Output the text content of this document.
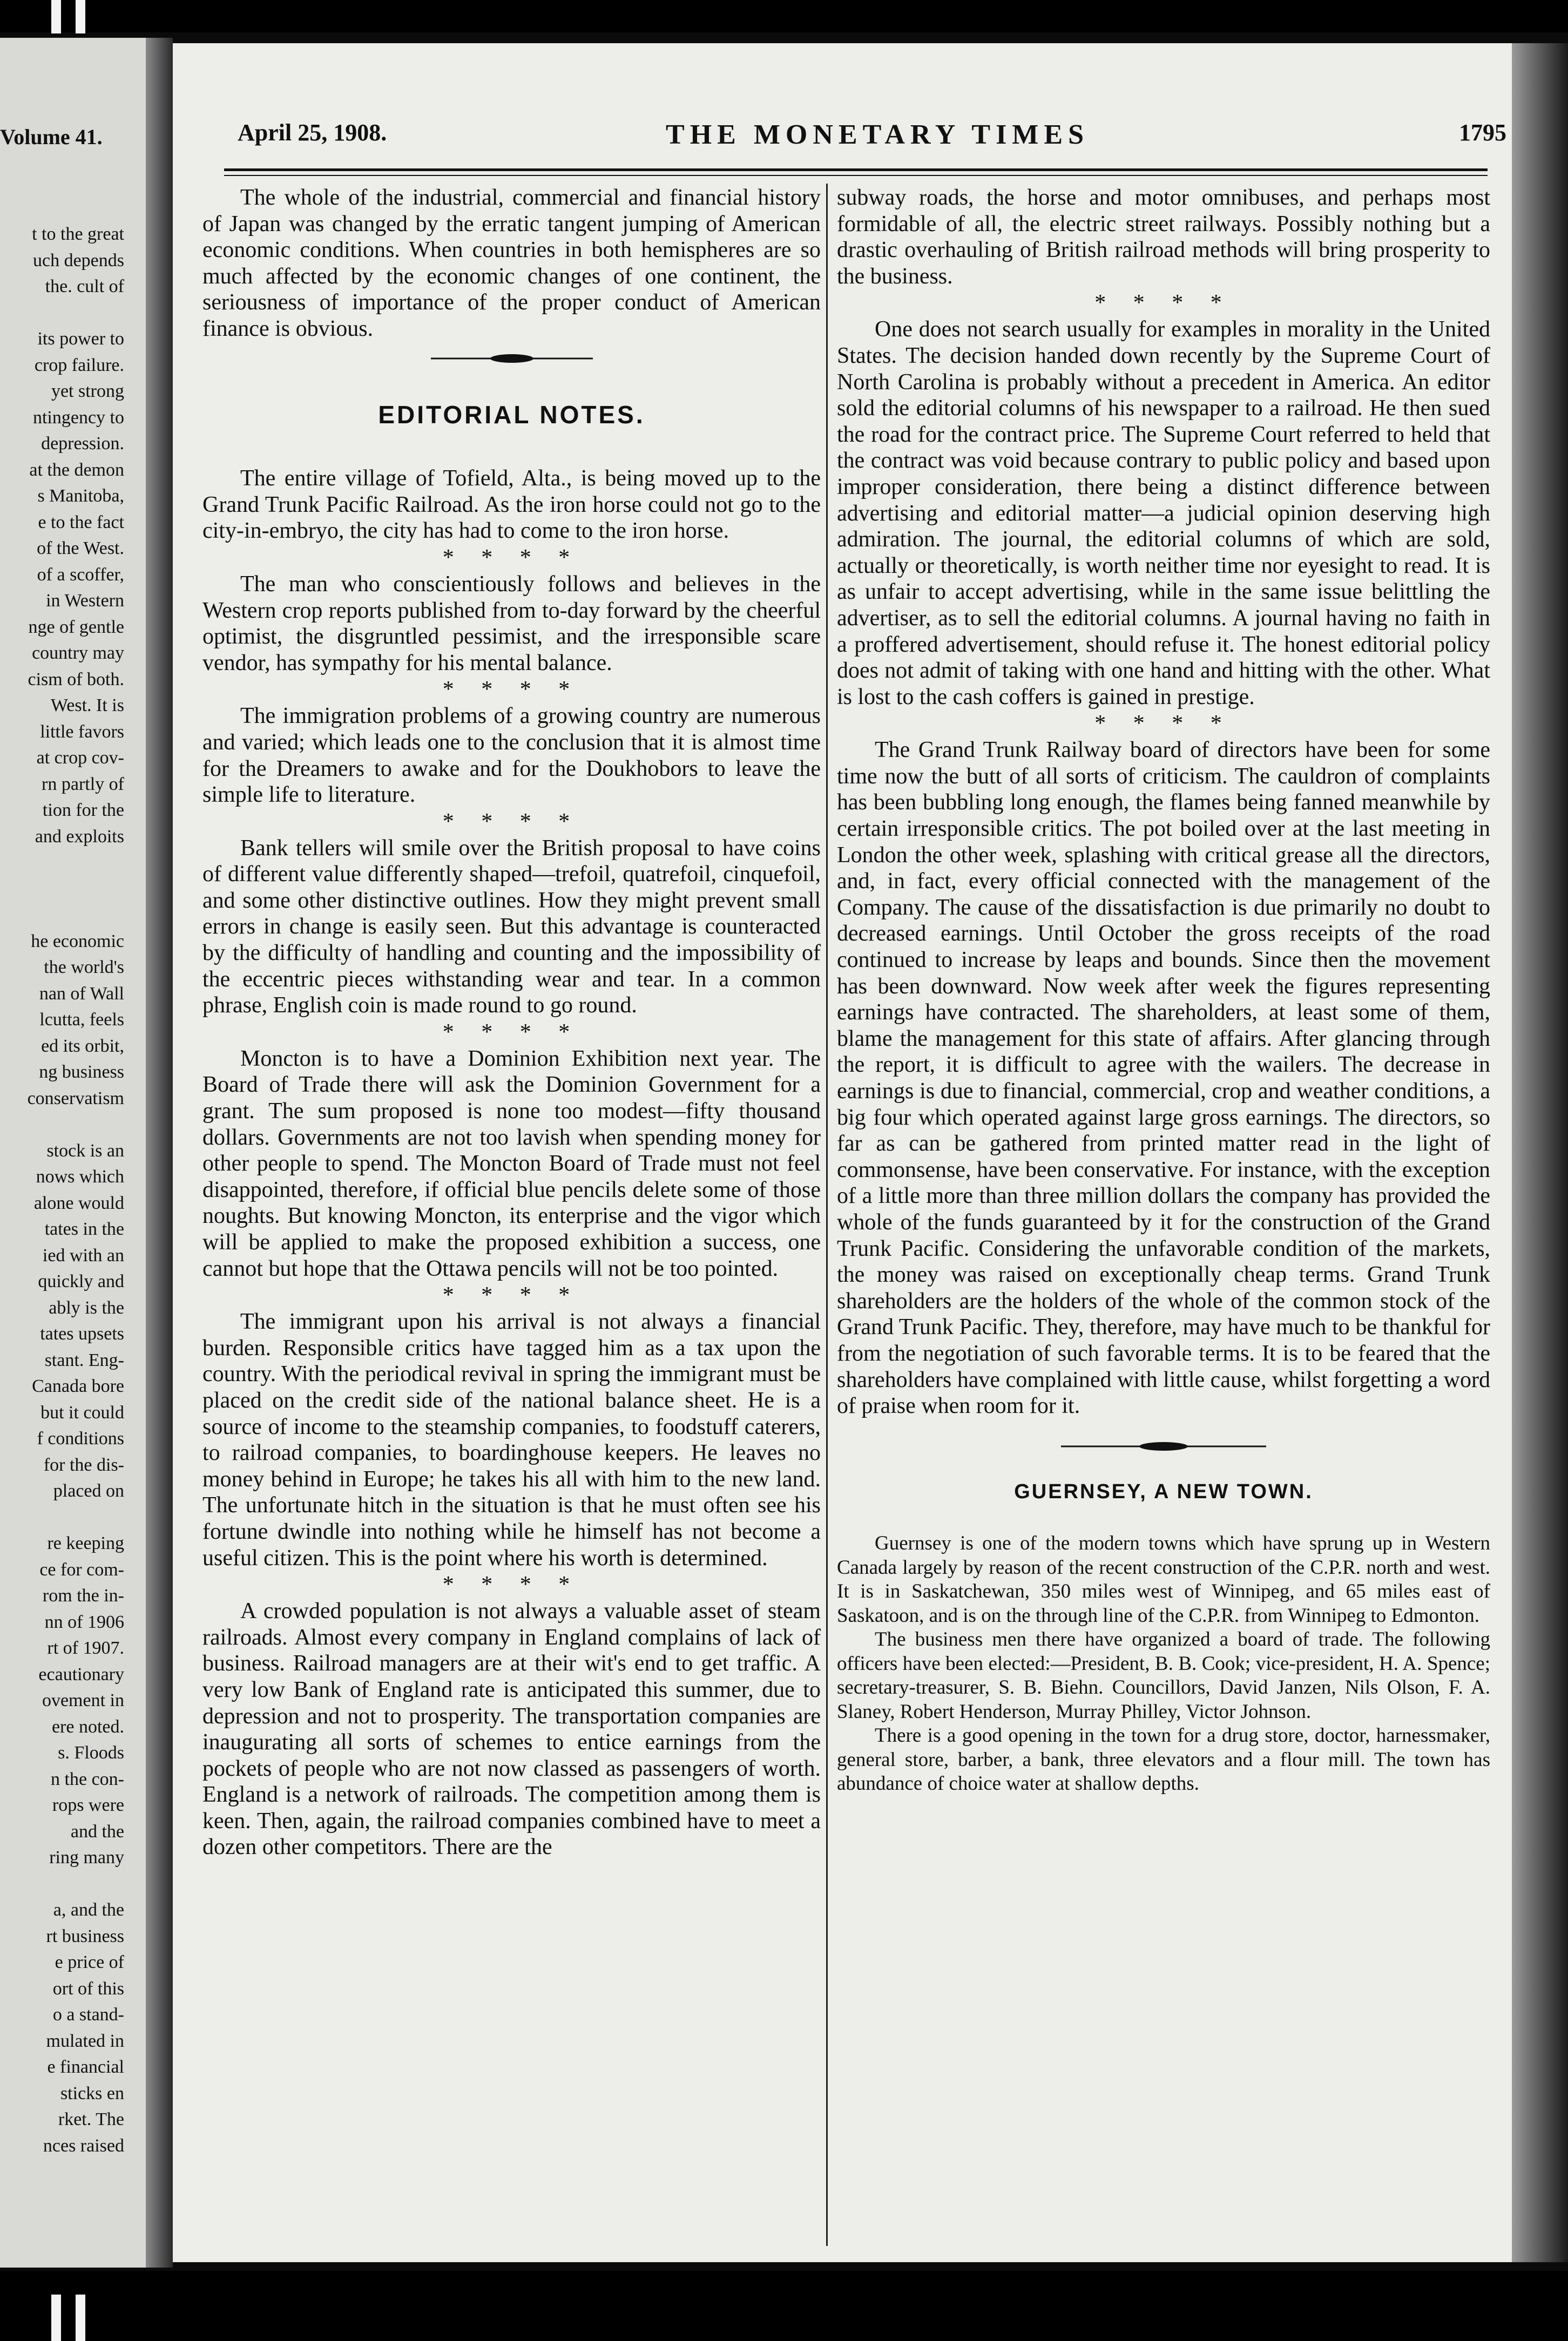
Volume 41.
t to the great
uch depends
the. cult of
its power to
crop failure.
yet strong
ntingency to
depression.
at the demon
s Manitoba,
e to the fact
of the West.
of a scoffer,
in Western
nge of gentle
country may
cism of both.
West. It is
little favors
at crop cov-
rn partly of
tion for the
and exploits
he economic
the world's
nan of Wall
lcutta, feels
ed its orbit,
ng business
conservatism
stock is an
nows which
alone would
tates in the
ied with an
quickly and
ably is the
tates upsets
stant. Eng-
Canada bore
but it could
f conditions
for the dis-
placed on
re keeping
ce for com-
rom the in-
nn of 1906
rt of 1907.
ecautionary
ovement in
ere noted.
s. Floods
n the con-
rops were
and the
ring many
a, and the
rt business
e price of
ort of this
o a stand-
mulated in
e financial
sticks en
rket. The
nces raised
April 25, 1908.	THE MONETARY TIMES	1795

The whole of the industrial, commercial and financial history of Japan was changed by the erratic tangent jumping of American economic conditions. When countries in both hemispheres are so much affected by the economic changes of one continent, the seriousness of importance of the proper conduct of American finance is obvious.

EDITORIAL NOTES.

The entire village of Tofield, Alta., is being moved up to the Grand Trunk Pacific Railroad. As the iron horse could not go to the city-in-embryo, the city has had to come to the iron horse.

* * * *

The man who conscientiously follows and believes in the Western crop reports published from to-day forward by the cheerful optimist, the disgruntled pessimist, and the irresponsible scare vendor, has sympathy for his mental balance.

* * * *

The immigration problems of a growing country are numerous and varied; which leads one to the conclusion that it is almost time for the Dreamers to awake and for the Doukhobors to leave the simple life to literature.

* * * *

Bank tellers will smile over the British proposal to have coins of different value differently shaped—trefoil, quatrefoil, cinquefoil, and some other distinctive outlines. How they might prevent small errors in change is easily seen. But this advantage is counteracted by the difficulty of handling and counting and the impossibility of the eccentric pieces withstanding wear and tear. In a common phrase, English coin is made round to go round.

* * * *

Moncton is to have a Dominion Exhibition next year. The Board of Trade there will ask the Dominion Government for a grant. The sum proposed is none too modest—fifty thousand dollars. Governments are not too lavish when spending money for other people to spend. The Moncton Board of Trade must not feel disappointed, therefore, if official blue pencils delete some of those noughts. But knowing Moncton, its enterprise and the vigor which will be applied to make the proposed exhibition a success, one cannot but hope that the Ottawa pencils will not be too pointed.

* * * *

The immigrant upon his arrival is not always a financial burden. Responsible critics have tagged him as a tax upon the country. With the periodical revival in spring the immigrant must be placed on the credit side of the national balance sheet. He is a source of income to the steamship companies, to foodstuff caterers, to railroad companies, to boardinghouse keepers. He leaves no money behind in Europe; he takes his all with him to the new land. The unfortunate hitch in the situation is that he must often see his fortune dwindle into nothing while he himself has not become a useful citizen. This is the point where his worth is determined.

* * * *

A crowded population is not always a valuable asset of steam railroads. Almost every company in England complains of lack of business. Railroad managers are at their wit's end to get traffic. A very low Bank of England rate is anticipated this summer, due to depression and not to prosperity. The transportation companies are inaugurating all sorts of schemes to entice earnings from the pockets of people who are not now classed as passengers of worth. England is a network of railroads. The competition among them is keen. Then, again, the railroad companies combined have to meet a dozen other competitors. There are the

subway roads, the horse and motor omnibuses, and perhaps most formidable of all, the electric street railways. Possibly nothing but a drastic overhauling of British railroad methods will bring prosperity to the business.

* * * *

One does not search usually for examples in morality in the United States. The decision handed down recently by the Supreme Court of North Carolina is probably without a precedent in America. An editor sold the editorial columns of his newspaper to a railroad. He then sued the road for the contract price. The Supreme Court referred to held that the contract was void because contrary to public policy and based upon improper consideration, there being a distinct difference between advertising and editorial matter—a judicial opinion deserving high admiration. The journal, the editorial columns of which are sold, actually or theoretically, is worth neither time nor eyesight to read. It is as unfair to accept advertising, while in the same issue belittling the advertiser, as to sell the editorial columns. A journal having no faith in a proffered advertisement, should refuse it. The honest editorial policy does not admit of taking with one hand and hitting with the other. What is lost to the cash coffers is gained in prestige.

* * * *

The Grand Trunk Railway board of directors have been for some time now the butt of all sorts of criticism. The cauldron of complaints has been bubbling long enough, the flames being fanned meanwhile by certain irresponsible critics. The pot boiled over at the last meeting in London the other week, splashing with critical grease all the directors, and, in fact, every official connected with the management of the Company. The cause of the dissatisfaction is due primarily no doubt to decreased earnings. Until October the gross receipts of the road continued to increase by leaps and bounds. Since then the movement has been downward. Now week after week the figures representing earnings have contracted. The shareholders, at least some of them, blame the management for this state of affairs. After glancing through the report, it is difficult to agree with the wailers. The decrease in earnings is due to financial, commercial, crop and weather conditions, a big four which operated against large gross earnings. The directors, so far as can be gathered from printed matter read in the light of commonsense, have been conservative. For instance, with the exception of a little more than three million dollars the company has provided the whole of the funds guaranteed by it for the construction of the Grand Trunk Pacific. Considering the unfavorable condition of the markets, the money was raised on exceptionally cheap terms. Grand Trunk shareholders are the holders of the whole of the common stock of the Grand Trunk Pacific. They, therefore, may have much to be thankful for from the negotiation of such favorable terms. It is to be feared that the shareholders have complained with little cause, whilst forgetting a word of praise when room for it.

GUERNSEY, A NEW TOWN.

Guernsey is one of the modern towns which have sprung up in Western Canada largely by reason of the recent construction of the C.P.R. north and west. It is in Saskatchewan, 350 miles west of Winnipeg, and 65 miles east of Saskatoon, and is on the through line of the C.P.R. from Winnipeg to Edmonton.

The business men there have organized a board of trade. The following officers have been elected:—President, B. B. Cook; vice-president, H. A. Spence; secretary-treasurer, S. B. Biehn. Councillors, David Janzen, Nils Olson, F. A. Slaney, Robert Henderson, Murray Philley, Victor Johnson.

There is a good opening in the town for a drug store, doctor, harnessmaker, general store, barber, a bank, three elevators and a flour mill. The town has abundance of choice water at shallow depths.
